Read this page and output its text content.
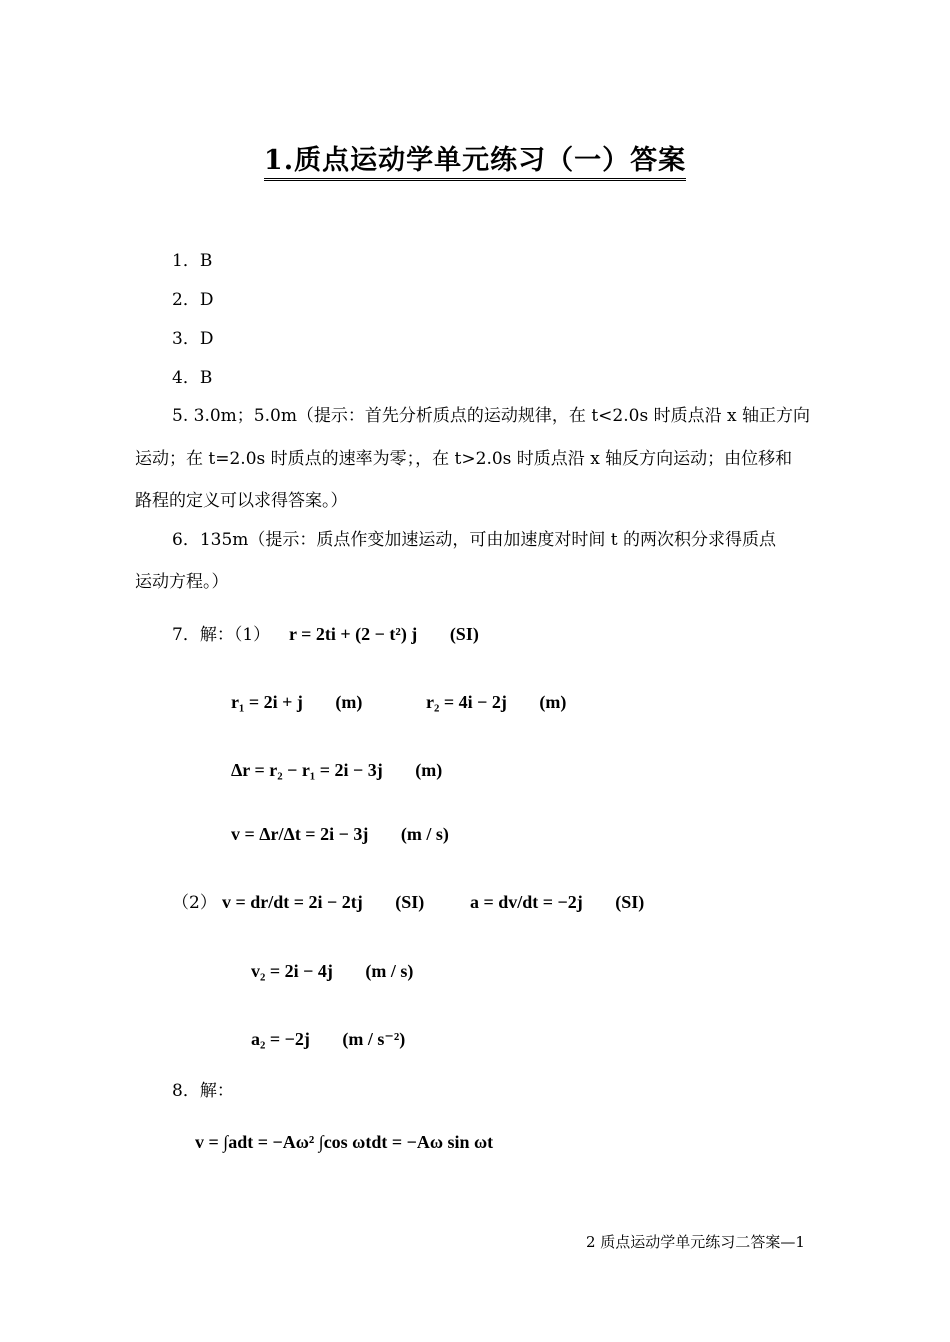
1.质点运动学单元练习（一）答案
1．B
2．D
3．D
4．B
5. 3.0m；5.0m（提示：首先分析质点的运动规律，在 t<2.0s 时质点沿 x 轴正方向
运动；在 t=2.0s 时质点的速率为零；，在 t>2.0s 时质点沿 x 轴反方向运动；由位移和
路程的定义可以求得答案。）
6．135m（提示：质点作变加速运动，可由加速度对时间 t 的两次积分求得质点
运动方程。）
7．解：（1） r = 2ti + (2 − t²) j (SI)
r₁ = 2i + j (m)	r₂ = 4i − 2j (m)
Δr = r₂ − r₁ = 2i − 3j (m)
v = Δr/Δt = 2i − 3j (m / s)
（2） v = dr/dt = 2i − 2tj (SI)	a = dv/dt = −2j (SI)
v₂ = 2i − 4j (m / s)
a₂ = −2j (m / s⁻²)
8．解：
v = ∫adt = −Aω² ∫cos ωtdt = −Aω sin ωt
2 质点运动学单元练习二答案—1
